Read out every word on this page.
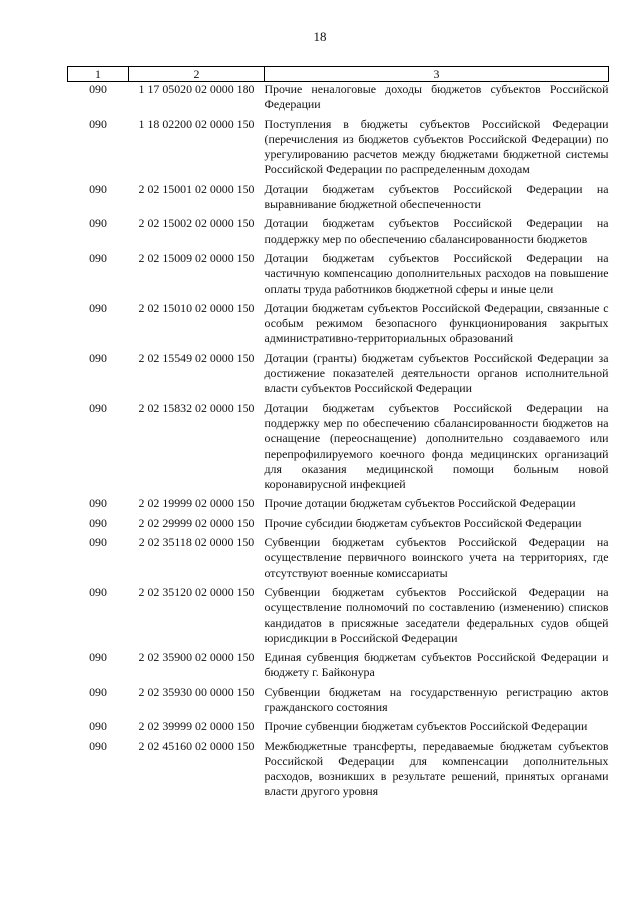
18
1	2	3
090	1 17 05020 02 0000 180	Прочие неналоговые доходы бюджетов субъектов Российской Федерации

090	1 18 02200 02 0000 150	Поступления в бюджеты субъектов Российской Федерации (перечисления из бюджетов субъектов Российской Федерации) по урегулированию расчетов между бюджетами бюджетной системы Российской Федерации по распределенным доходам

090	2 02 15001 02 0000 150	Дотации бюджетам субъектов Российской Федерации на выравнивание бюджетной обеспеченности

090	2 02 15002 02 0000 150	Дотации бюджетам субъектов Российской Федерации на поддержку мер по обеспечению сбалансированности бюджетов

090	2 02 15009 02 0000 150	Дотации бюджетам субъектов Российской Федерации на частичную компенсацию дополнительных расходов на повышение оплаты труда работников бюджетной сферы и иные цели

090	2 02 15010 02 0000 150	Дотации бюджетам субъектов Российской Федерации, связанные с особым режимом безопасного функционирования закрытых административно-территориальных образований

090	2 02 15549 02 0000 150	Дотации (гранты) бюджетам субъектов Российской Федерации за достижение показателей деятельности органов исполнительной власти субъектов Российской Федерации

090	2 02 15832 02 0000 150	Дотации бюджетам субъектов Российской Федерации на поддержку мер по обеспечению сбалансированности бюджетов на оснащение (переоснащение) дополнительно создаваемого или перепрофилируемого коечного фонда медицинских организаций для оказания медицинской помощи больным новой коронавирусной инфекцией

090	2 02 19999 02 0000 150	Прочие дотации бюджетам субъектов Российской Федерации

090	2 02 29999 02 0000 150	Прочие субсидии бюджетам субъектов Российской Федерации

090	2 02 35118 02 0000 150	Субвенции бюджетам субъектов Российской Федерации на осуществление первичного воинского учета на территориях, где отсутствуют военные комиссариаты

090	2 02 35120 02 0000 150	Субвенции бюджетам субъектов Российской Федерации на осуществление полномочий по составлению (изменению) списков кандидатов в присяжные заседатели федеральных судов общей юрисдикции в Российской Федерации

090	2 02 35900 02 0000 150	Единая субвенция бюджетам субъектов Российской Федерации и бюджету г. Байконура

090	2 02 35930 00 0000 150	Субвенции бюджетам на государственную регистрацию актов гражданского состояния

090	2 02 39999 02 0000 150	Прочие субвенции бюджетам субъектов Российской Федерации

090	2 02 45160 02 0000 150	Межбюджетные трансферты, передаваемые бюджетам субъектов Российской Федерации для компенсации дополнительных расходов, возникших в результате решений, принятых органами власти другого уровня
